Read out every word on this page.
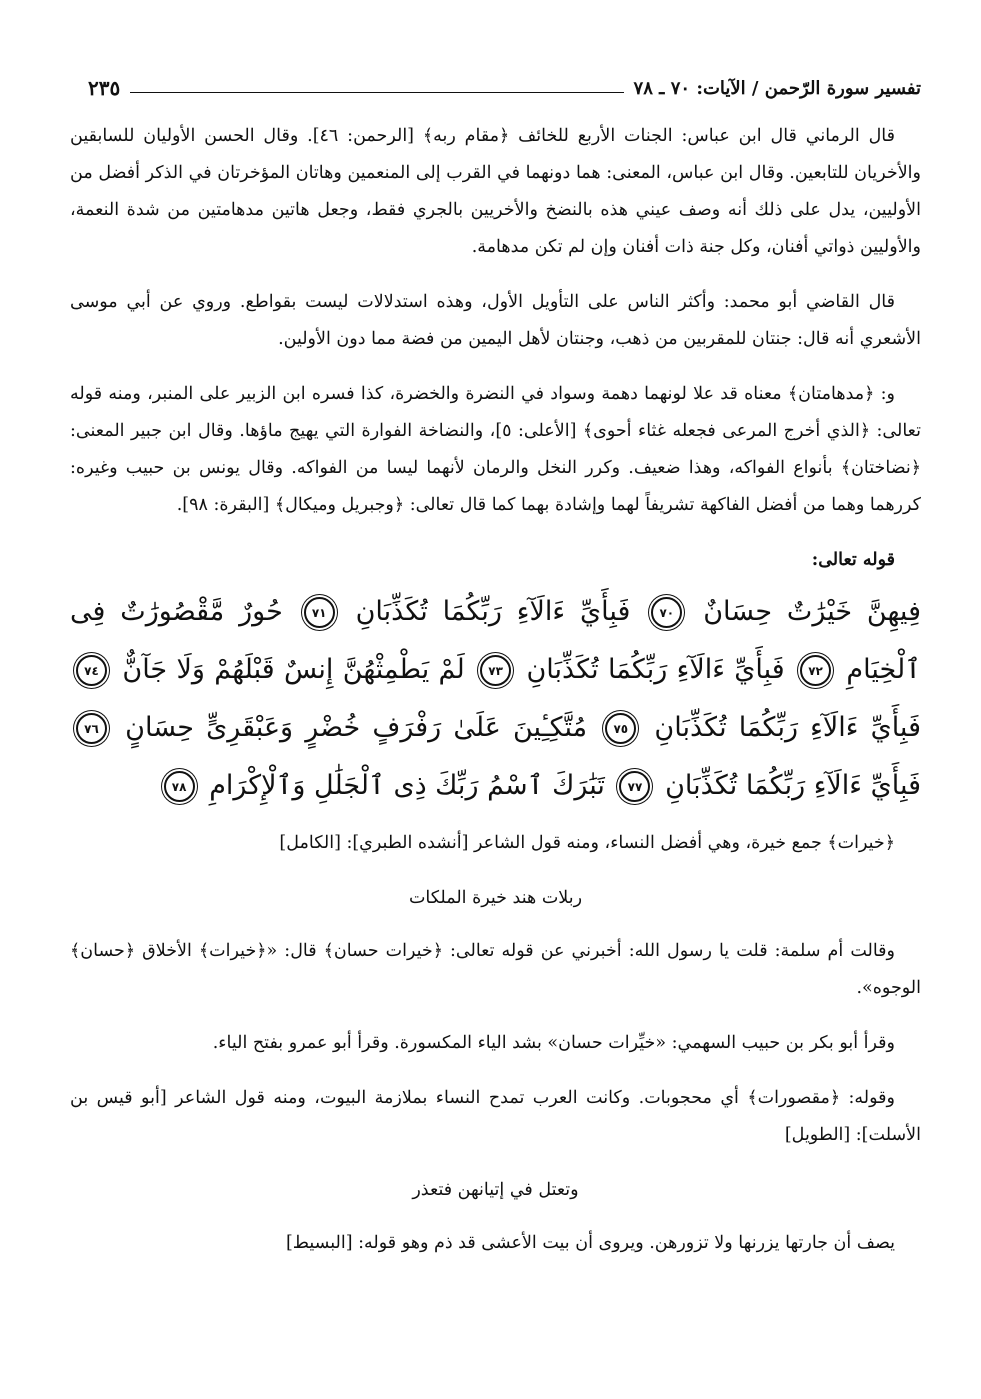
تفسير سورة الرّحمن / الآيات: ٧٠ ـ ٧٨
٢٣٥

قال الرماني قال ابن عباس: الجنات الأربع للخائف ﴿مقام ربه﴾ [الرحمن: ٤٦]. وقال الحسن الأوليان للسابقين والأخريان للتابعين. وقال ابن عباس، المعنى: هما دونهما في القرب إلى المنعمين وهاتان المؤخرتان في الذكر أفضل من الأوليين، يدل على ذلك أنه وصف عيني هذه بالنضخ والأخريين بالجري فقط، وجعل هاتين مدهامتين من شدة النعمة، والأوليين ذواتي أفنان، وكل جنة ذات أفنان وإن لم تكن مدهامة.

قال القاضي أبو محمد: وأكثر الناس على التأويل الأول، وهذه استدلالات ليست بقواطع. وروي عن أبي موسى الأشعري أنه قال: جنتان للمقربين من ذهب، وجنتان لأهل اليمين من فضة مما دون الأولين.

و: ﴿مدهامتان﴾ معناه قد علا لونهما دهمة وسواد في النضرة والخضرة، كذا فسره ابن الزبير على المنبر، ومنه قوله تعالى: ﴿الذي أخرج المرعى فجعله غثاء أحوى﴾ [الأعلى: ٥]، والنضاخة الفوارة التي يهيج ماؤها. وقال ابن جبير المعنى: ﴿نضاختان﴾ بأنواع الفواكه، وهذا ضعيف. وكرر النخل والرمان لأنهما ليسا من الفواكه. وقال يونس بن حبيب وغيره: كررهما وهما من أفضل الفاكهة تشريفاً لهما وإشادة بهما كما قال تعالى: ﴿وجبريل وميكال﴾ [البقرة: ٩٨].

قوله تعالى:

فِيهِنَّ خَيْرَٰتٌ حِسَانٌ ٧٠ فَبِأَيِّ ءَالَآءِ رَبِّكُمَا تُكَذِّبَانِ ٧١ حُورٌ مَّقْصُورَٰتٌ فِى ٱلْخِيَامِ ٧٢ فَبِأَيِّ ءَالَآءِ رَبِّكُمَا تُكَذِّبَانِ ٧٣ لَمْ يَطْمِثْهُنَّ إِنسٌ قَبْلَهُمْ وَلَا جَآنٌّ ٧٤ فَبِأَيِّ ءَالَآءِ رَبِّكُمَا تُكَذِّبَانِ ٧٥ مُتَّكِـِٔينَ عَلَىٰ رَفْرَفٍ خُضْرٍ وَعَبْقَرِىٍّ حِسَانٍ ٧٦ فَبِأَيِّ ءَالَآءِ رَبِّكُمَا تُكَذِّبَانِ ٧٧ تَبَٰرَكَ ٱسْمُ رَبِّكَ ذِى ٱلْجَلَٰلِ وَٱلْإِكْرَامِ ٧٨

﴿خيرات﴾ جمع خيرة، وهي أفضل النساء، ومنه قول الشاعر [أنشده الطبري]: [الكامل]

ربلات هند خيرة الملكات

وقالت أم سلمة: قلت يا رسول الله: أخبرني عن قوله تعالى: ﴿خيرات حسان﴾ قال: «﴿خيرات﴾ الأخلاق ﴿حسان﴾ الوجوه».

وقرأ أبو بكر بن حبيب السهمي: «خيِّرات حسان» بشد الياء المكسورة. وقرأ أبو عمرو بفتح الياء.

وقوله: ﴿مقصورات﴾ أي محجوبات. وكانت العرب تمدح النساء بملازمة البيوت، ومنه قول الشاعر [أبو قيس بن الأسلت]: [الطويل]

وتعتل في إتيانهن فتعذر

يصف أن جارتها يزرنها ولا تزورهن. ويروى أن بيت الأعشى قد ذم وهو قوله: [البسيط]
